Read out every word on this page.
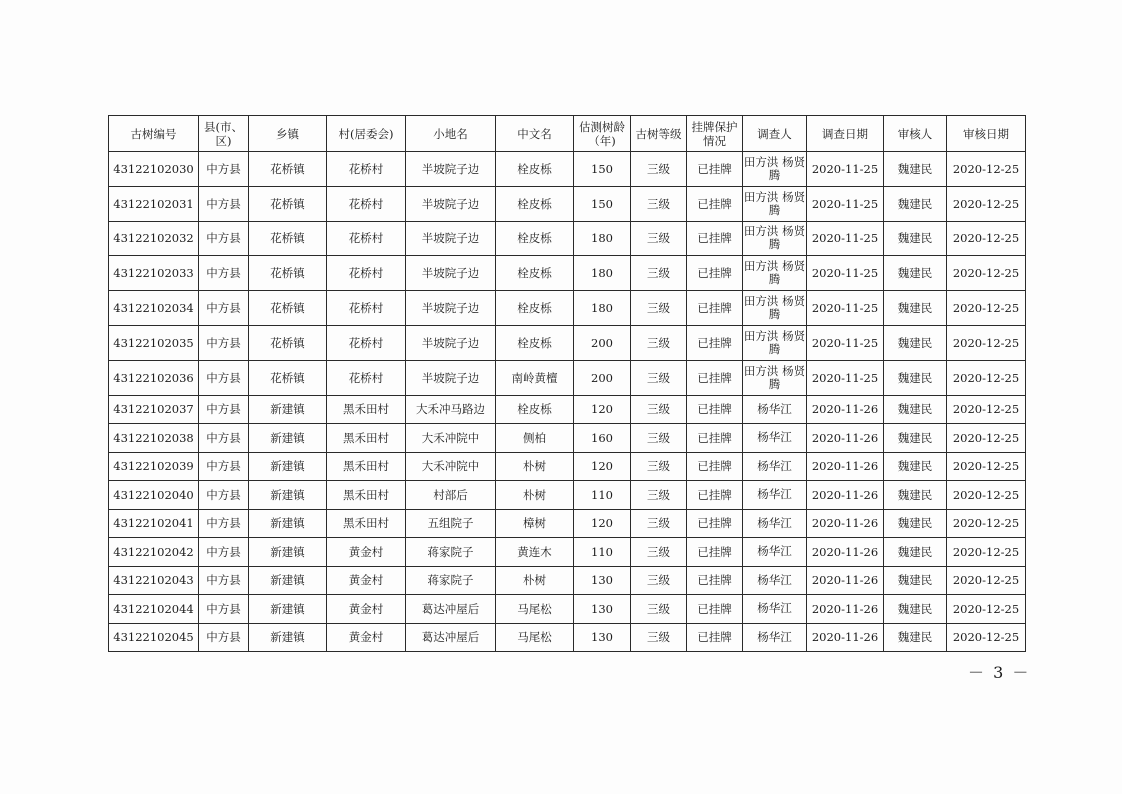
古树编号	县(市、区)	乡镇	村(居委会)	小地名	中文名	估测树龄（年)	古树等级	挂牌保护情况	调查人	调查日期	审核人	审核日期
43122102030	中方县	花桥镇	花桥村	半坡院子边	栓皮栎	150	三级	已挂牌	田方洪 杨贤腾	2020-11-25	魏建民	2020-12-25
43122102031	中方县	花桥镇	花桥村	半坡院子边	栓皮栎	150	三级	已挂牌	田方洪 杨贤腾	2020-11-25	魏建民	2020-12-25
43122102032	中方县	花桥镇	花桥村	半坡院子边	栓皮栎	180	三级	已挂牌	田方洪 杨贤腾	2020-11-25	魏建民	2020-12-25
43122102033	中方县	花桥镇	花桥村	半坡院子边	栓皮栎	180	三级	已挂牌	田方洪 杨贤腾	2020-11-25	魏建民	2020-12-25
43122102034	中方县	花桥镇	花桥村	半坡院子边	栓皮栎	180	三级	已挂牌	田方洪 杨贤腾	2020-11-25	魏建民	2020-12-25
43122102035	中方县	花桥镇	花桥村	半坡院子边	栓皮栎	200	三级	已挂牌	田方洪 杨贤腾	2020-11-25	魏建民	2020-12-25
43122102036	中方县	花桥镇	花桥村	半坡院子边	南岭黄檀	200	三级	已挂牌	田方洪 杨贤腾	2020-11-25	魏建民	2020-12-25
43122102037	中方县	新建镇	黑禾田村	大禾冲马路边	栓皮栎	120	三级	已挂牌	杨华江	2020-11-26	魏建民	2020-12-25
43122102038	中方县	新建镇	黑禾田村	大禾冲院中	侧柏	160	三级	已挂牌	杨华江	2020-11-26	魏建民	2020-12-25
43122102039	中方县	新建镇	黑禾田村	大禾冲院中	朴树	120	三级	已挂牌	杨华江	2020-11-26	魏建民	2020-12-25
43122102040	中方县	新建镇	黑禾田村	村部后	朴树	110	三级	已挂牌	杨华江	2020-11-26	魏建民	2020-12-25
43122102041	中方县	新建镇	黑禾田村	五组院子	樟树	120	三级	已挂牌	杨华江	2020-11-26	魏建民	2020-12-25
43122102042	中方县	新建镇	黄金村	蒋家院子	黄连木	110	三级	已挂牌	杨华江	2020-11-26	魏建民	2020-12-25
43122102043	中方县	新建镇	黄金村	蒋家院子	朴树	130	三级	已挂牌	杨华江	2020-11-26	魏建民	2020-12-25
43122102044	中方县	新建镇	黄金村	葛达冲屋后	马尾松	130	三级	已挂牌	杨华江	2020-11-26	魏建民	2020-12-25
43122102045	中方县	新建镇	黄金村	葛达冲屋后	马尾松	130	三级	已挂牌	杨华江	2020-11-26	魏建民	2020-12-25
－ 3 －
